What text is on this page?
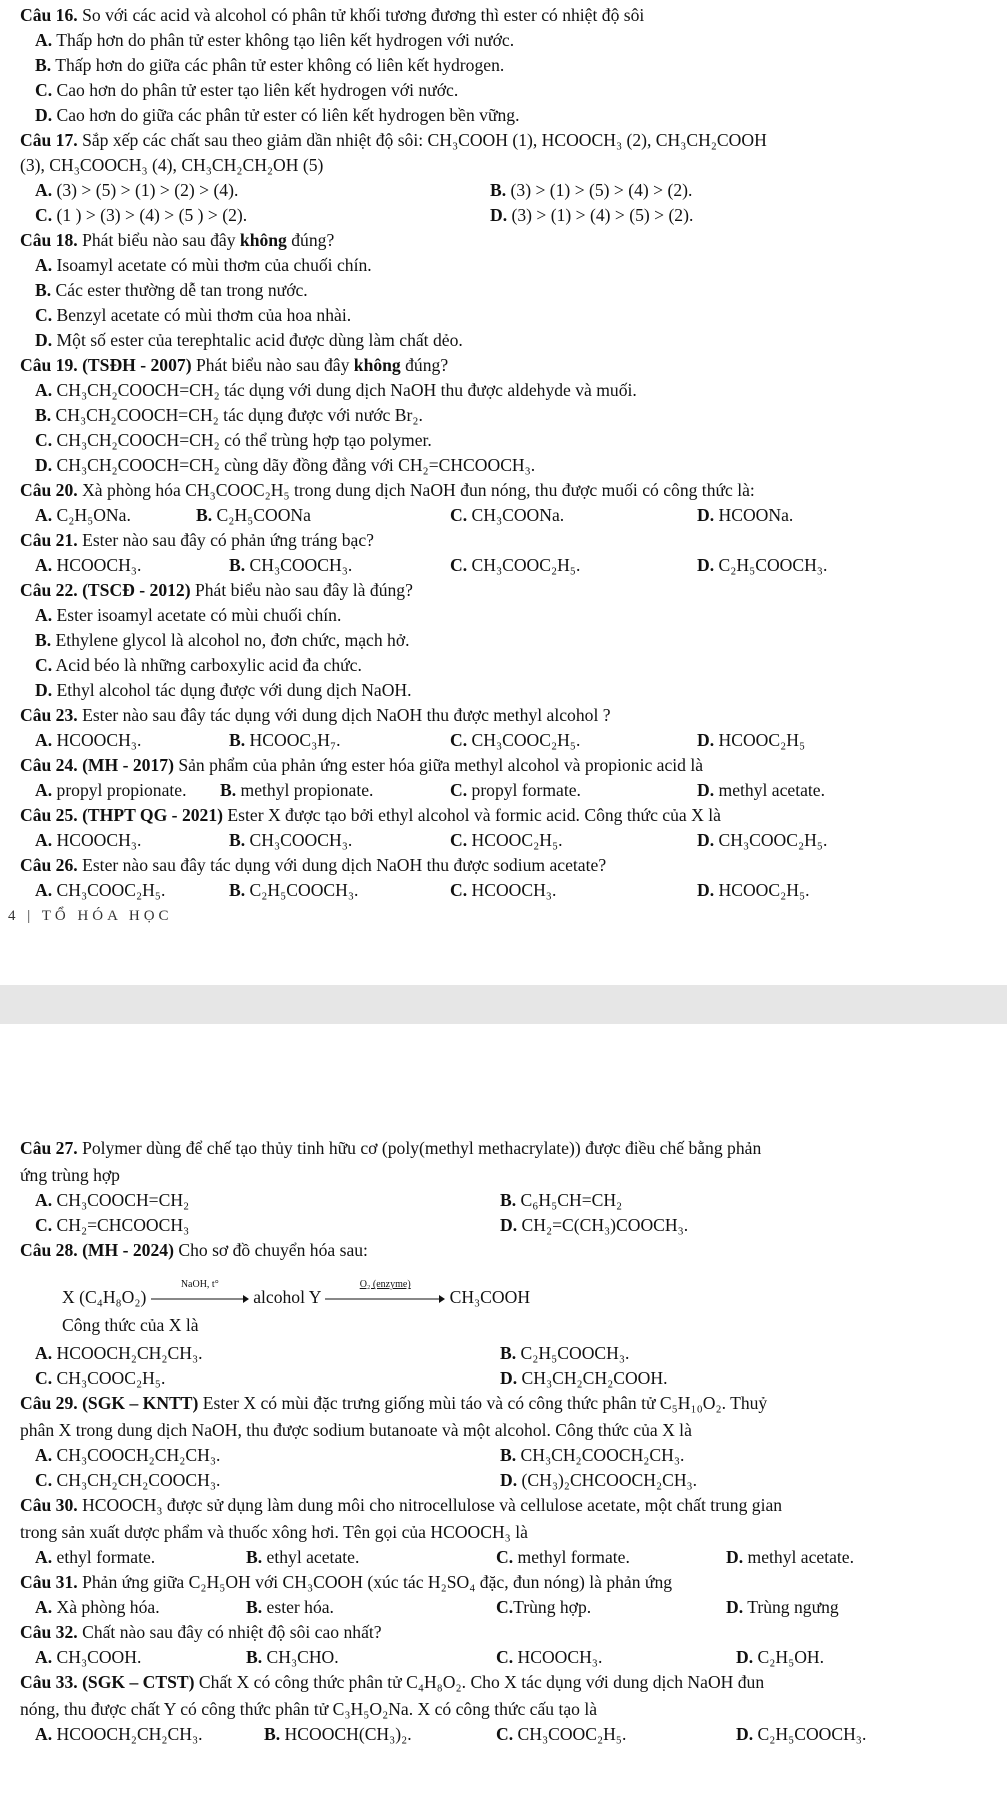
Câu 16. So với các acid và alcohol có phân tử khối tương đương thì ester có nhiệt độ sôi
A. Thấp hơn do phân tử ester không tạo liên kết hydrogen với nước.
B. Thấp hơn do giữa các phân tử ester không có liên kết hydrogen.
C. Cao hơn do phân tử ester tạo liên kết hydrogen với nước.
D. Cao hơn do giữa các phân tử ester có liên kết hydrogen bền vững.
Câu 17. Sắp xếp các chất sau theo giảm dần nhiệt độ sôi: CH₃COOH (1), HCOOCH₃ (2), CH₃CH₂COOH
(3), CH₃COOCH₃ (4), CH₃CH₂CH₂OH (5)
A. (3) > (5) > (1) > (2) > (4).	B. (3) > (1) > (5) > (4) > (2).
C. (1 ) > (3) > (4) > (5 ) > (2).	D. (3) > (1) > (4) > (5) > (2).
Câu 18. Phát biểu nào sau đây không đúng?
A. Isoamyl acetate có mùi thơm của chuối chín.
B. Các ester thường dễ tan trong nước.
C. Benzyl acetate có mùi thơm của hoa nhài.
D. Một số ester của terephtalic acid được dùng làm chất dẻo.
Câu 19. (TSĐH - 2007) Phát biểu nào sau đây không đúng?
A. CH₃CH₂COOCH=CH₂ tác dụng với dung dịch NaOH thu được aldehyde và muối.
B. CH₃CH₂COOCH=CH₂ tác dụng được với nước Br₂.
C. CH₃CH₂COOCH=CH₂ có thể trùng hợp tạo polymer.
D. CH₃CH₂COOCH=CH₂ cùng dãy đồng đẳng với CH₂=CHCOOCH₃.
Câu 20. Xà phòng hóa CH₃COOC₂H₅ trong dung dịch NaOH đun nóng, thu được muối có công thức là:
A. C₂H₅ONa.	B. C₂H₅COONa	C. CH₃COONa.	D. HCOONa.
Câu 21. Ester nào sau đây có phản ứng tráng bạc?
A. HCOOCH₃.	B. CH₃COOCH₃.	C. CH₃COOC₂H₅.	D. C₂H₅COOCH₃.
Câu 22. (TSCĐ - 2012) Phát biểu nào sau đây là đúng?
A. Ester isoamyl acetate có mùi chuối chín.
B. Ethylene glycol là alcohol no, đơn chức, mạch hở.
C. Acid béo là những carboxylic acid đa chức.
D. Ethyl alcohol tác dụng được với dung dịch NaOH.
Câu 23. Ester nào sau đây tác dụng với dung dịch NaOH thu được methyl alcohol ?
A. HCOOCH₃.	B. HCOOC₃H₇.	C. CH₃COOC₂H₅.	D. HCOOC₂H₅
Câu 24. (MH - 2017) Sản phẩm của phản ứng ester hóa giữa methyl alcohol và propionic acid là
A. propyl propionate. B. methyl propionate.	C. propyl formate.	D. methyl acetate.
Câu 25. (THPT QG - 2021) Ester X được tạo bởi ethyl alcohol và formic acid. Công thức của X là
A. HCOOCH₃.	B. CH₃COOCH₃.	C. HCOOC₂H₅.	D. CH₃COOC₂H₅.
Câu 26. Ester nào sau đây tác dụng với dung dịch NaOH thu được sodium acetate?
A. CH₃COOC₂H₅.	B. C₂H₅COOCH₃.	C. HCOOCH₃.	D. HCOOC₂H₅.
4 | TỔ HÓA HỌC
Câu 27. Polymer dùng để chế tạo thủy tinh hữu cơ (poly(methyl methacrylate)) được điều chế bằng phản
ứng trùng hợp
A. CH₃COOCH=CH₂	B. C₆H₅CH=CH₂
C. CH₂=CHCOOCH₃	D. CH₂=C(CH₃)COOCH₃.
Câu 28. (MH - 2024) Cho sơ đồ chuyển hóa sau:
X (C₄H₈O₂)
NaOH, t°
alcohol Y
O₂ (enzyme)
CH₃COOH
Công thức của X là
A. HCOOCH₂CH₂CH₃.	B. C₂H₅COOCH₃.
C. CH₃COOC₂H₅.	D. CH₃CH₂CH₂COOH.
Câu 29. (SGK – KNTT) Ester X có mùi đặc trưng giống mùi táo và có công thức phân tử C₅H₁₀O₂. Thuỷ
phân X trong dung dịch NaOH, thu được sodium butanoate và một alcohol. Công thức của X là
A. CH₃COOCH₂CH₂CH₃.	B. CH₃CH₂COOCH₂CH₃.
C. CH₃CH₂CH₂COOCH₃.	D. (CH₃)₂CHCOOCH₂CH₃.
Câu 30. HCOOCH₃ được sử dụng làm dung môi cho nitrocellulose và cellulose acetate, một chất trung gian
trong sản xuất dược phẩm và thuốc xông hơi. Tên gọi của HCOOCH₃ là
A. ethyl formate.	B. ethyl acetate.	C. methyl formate.	D. methyl acetate.
Câu 31. Phản ứng giữa C₂H₅OH với CH₃COOH (xúc tác H₂SO₄ đặc, đun nóng) là phản ứng
A. Xà phòng hóa.	B. ester hóa.	C.Trùng hợp.	D. Trùng ngưng
Câu 32. Chất nào sau đây có nhiệt độ sôi cao nhất?
A. CH₃COOH.	B. CH₃CHO.	C. HCOOCH₃.	D. C₂H₅OH.
Câu 33. (SGK – CTST) Chất X có công thức phân tử C₄H₈O₂. Cho X tác dụng với dung dịch NaOH đun
nóng, thu được chất Y có công thức phân tử C₃H₅O₂Na. X có công thức cấu tạo là
A. HCOOCH₂CH₂CH₃.	B. HCOOCH(CH₃)₂.	C. CH₃COOC₂H₅.	D. C₂H₅COOCH₃.
